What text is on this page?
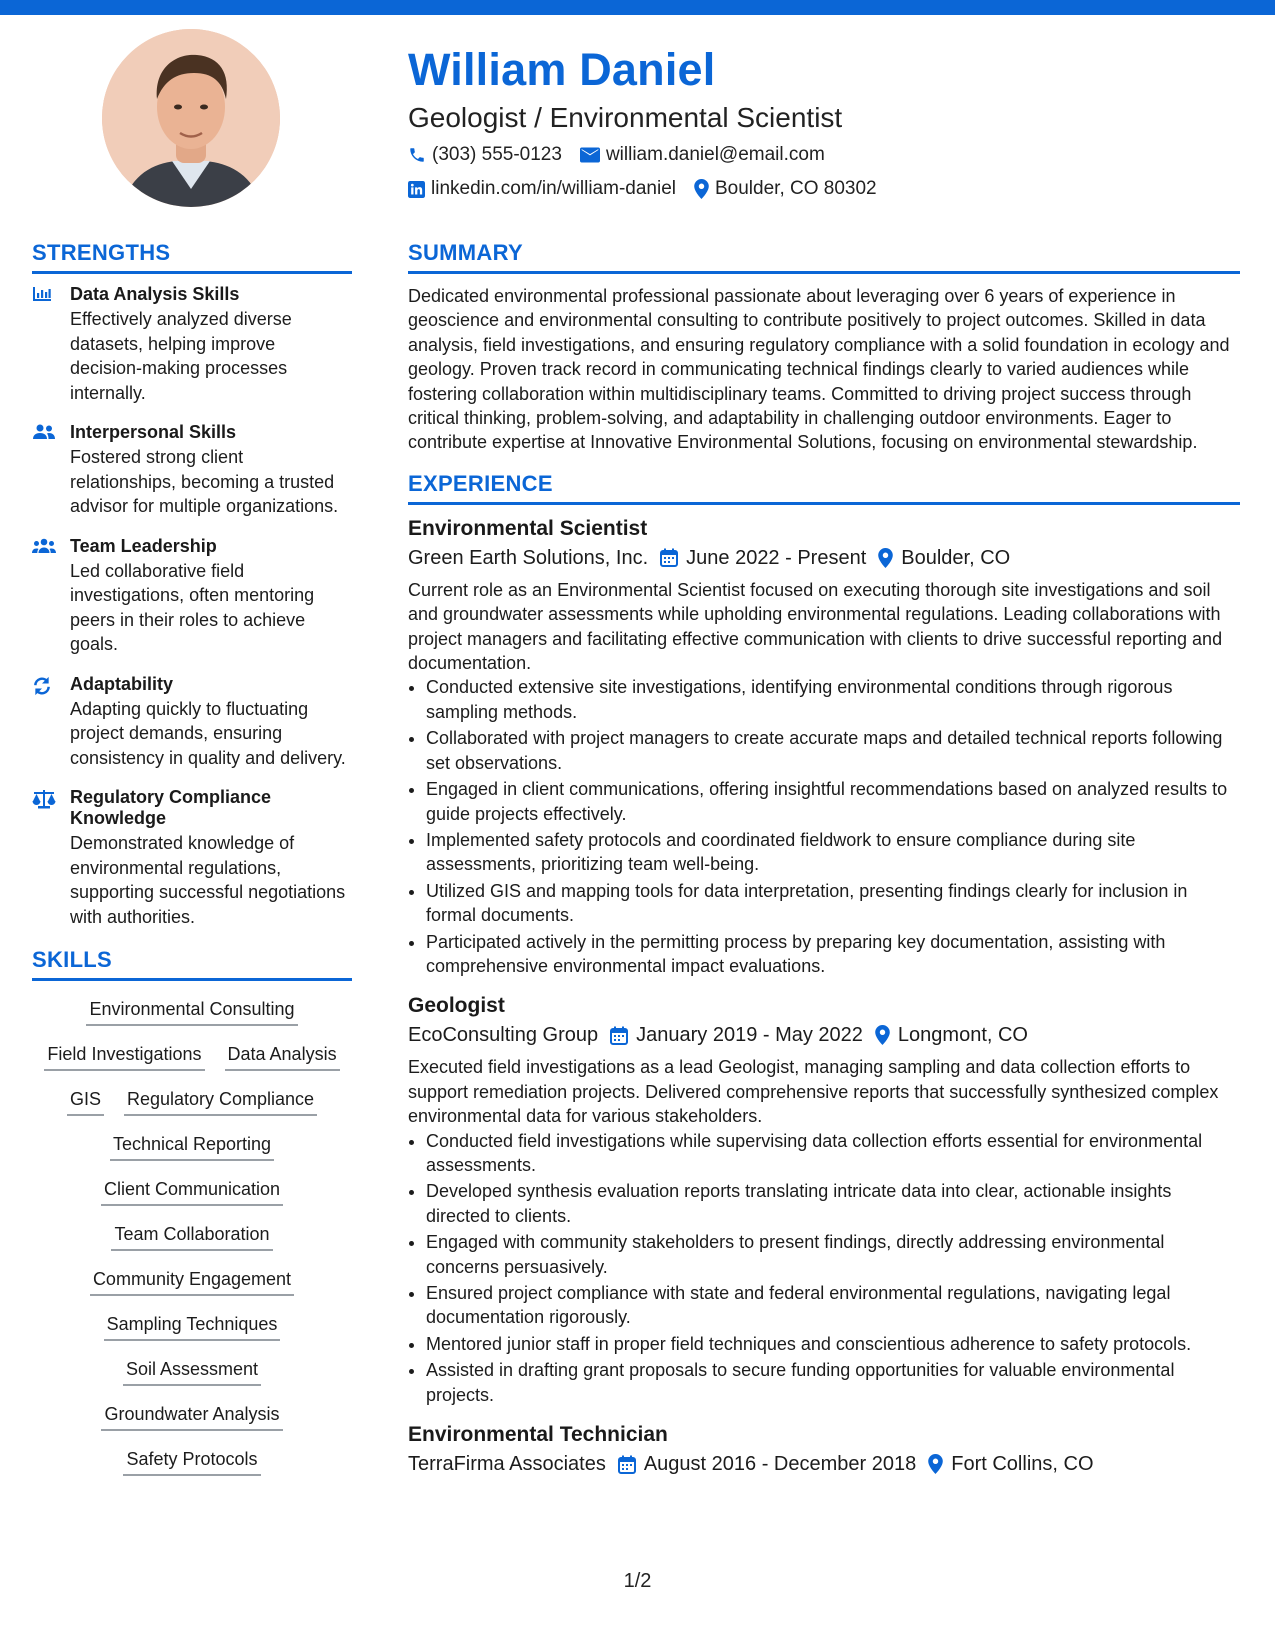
William Daniel
Geologist / Environmental Scientist
(303) 555-0123 william.daniel@email.com
linkedin.com/in/william-daniel Boulder, CO 80302
STRENGTHS
Data Analysis Skills
Effectively analyzed diverse datasets, helping improve decision-making processes internally.
Interpersonal Skills
Fostered strong client relationships, becoming a trusted advisor for multiple organizations.
Team Leadership
Led collaborative field investigations, often mentoring peers in their roles to achieve goals.
Adaptability
Adapting quickly to fluctuating project demands, ensuring consistency in quality and delivery.
Regulatory Compliance Knowledge
Demonstrated knowledge of environmental regulations, supporting successful negotiations with authorities.
SKILLS
Environmental Consulting
Field Investigations Data Analysis
GIS Regulatory Compliance
Technical Reporting
Client Communication
Team Collaboration
Community Engagement
Sampling Techniques
Soil Assessment
Groundwater Analysis
Safety Protocols
SUMMARY
Dedicated environmental professional passionate about leveraging over 6 years of experience in geoscience and environmental consulting to contribute positively to project outcomes. Skilled in data analysis, field investigations, and ensuring regulatory compliance with a solid foundation in ecology and geology. Proven track record in communicating technical findings clearly to varied audiences while fostering collaboration within multidisciplinary teams. Committed to driving project success through critical thinking, problem-solving, and adaptability in challenging outdoor environments. Eager to contribute expertise at Innovative Environmental Solutions, focusing on environmental stewardship.
EXPERIENCE
Environmental Scientist
Green Earth Solutions, Inc. June 2022 - Present Boulder, CO
Current role as an Environmental Scientist focused on executing thorough site investigations and soil and groundwater assessments while upholding environmental regulations. Leading collaborations with project managers and facilitating effective communication with clients to drive successful reporting and documentation.
• Conducted extensive site investigations, identifying environmental conditions through rigorous sampling methods.
• Collaborated with project managers to create accurate maps and detailed technical reports following set observations.
• Engaged in client communications, offering insightful recommendations based on analyzed results to guide projects effectively.
• Implemented safety protocols and coordinated fieldwork to ensure compliance during site assessments, prioritizing team well-being.
• Utilized GIS and mapping tools for data interpretation, presenting findings clearly for inclusion in formal documents.
• Participated actively in the permitting process by preparing key documentation, assisting with comprehensive environmental impact evaluations.
Geologist
EcoConsulting Group January 2019 - May 2022 Longmont, CO
Executed field investigations as a lead Geologist, managing sampling and data collection efforts to support remediation projects. Delivered comprehensive reports that successfully synthesized complex environmental data for various stakeholders.
• Conducted field investigations while supervising data collection efforts essential for environmental assessments.
• Developed synthesis evaluation reports translating intricate data into clear, actionable insights directed to clients.
• Engaged with community stakeholders to present findings, directly addressing environmental concerns persuasively.
• Ensured project compliance with state and federal environmental regulations, navigating legal documentation rigorously.
• Mentored junior staff in proper field techniques and conscientious adherence to safety protocols.
• Assisted in drafting grant proposals to secure funding opportunities for valuable environmental projects.
Environmental Technician
TerraFirma Associates August 2016 - December 2018 Fort Collins, CO
1/2
